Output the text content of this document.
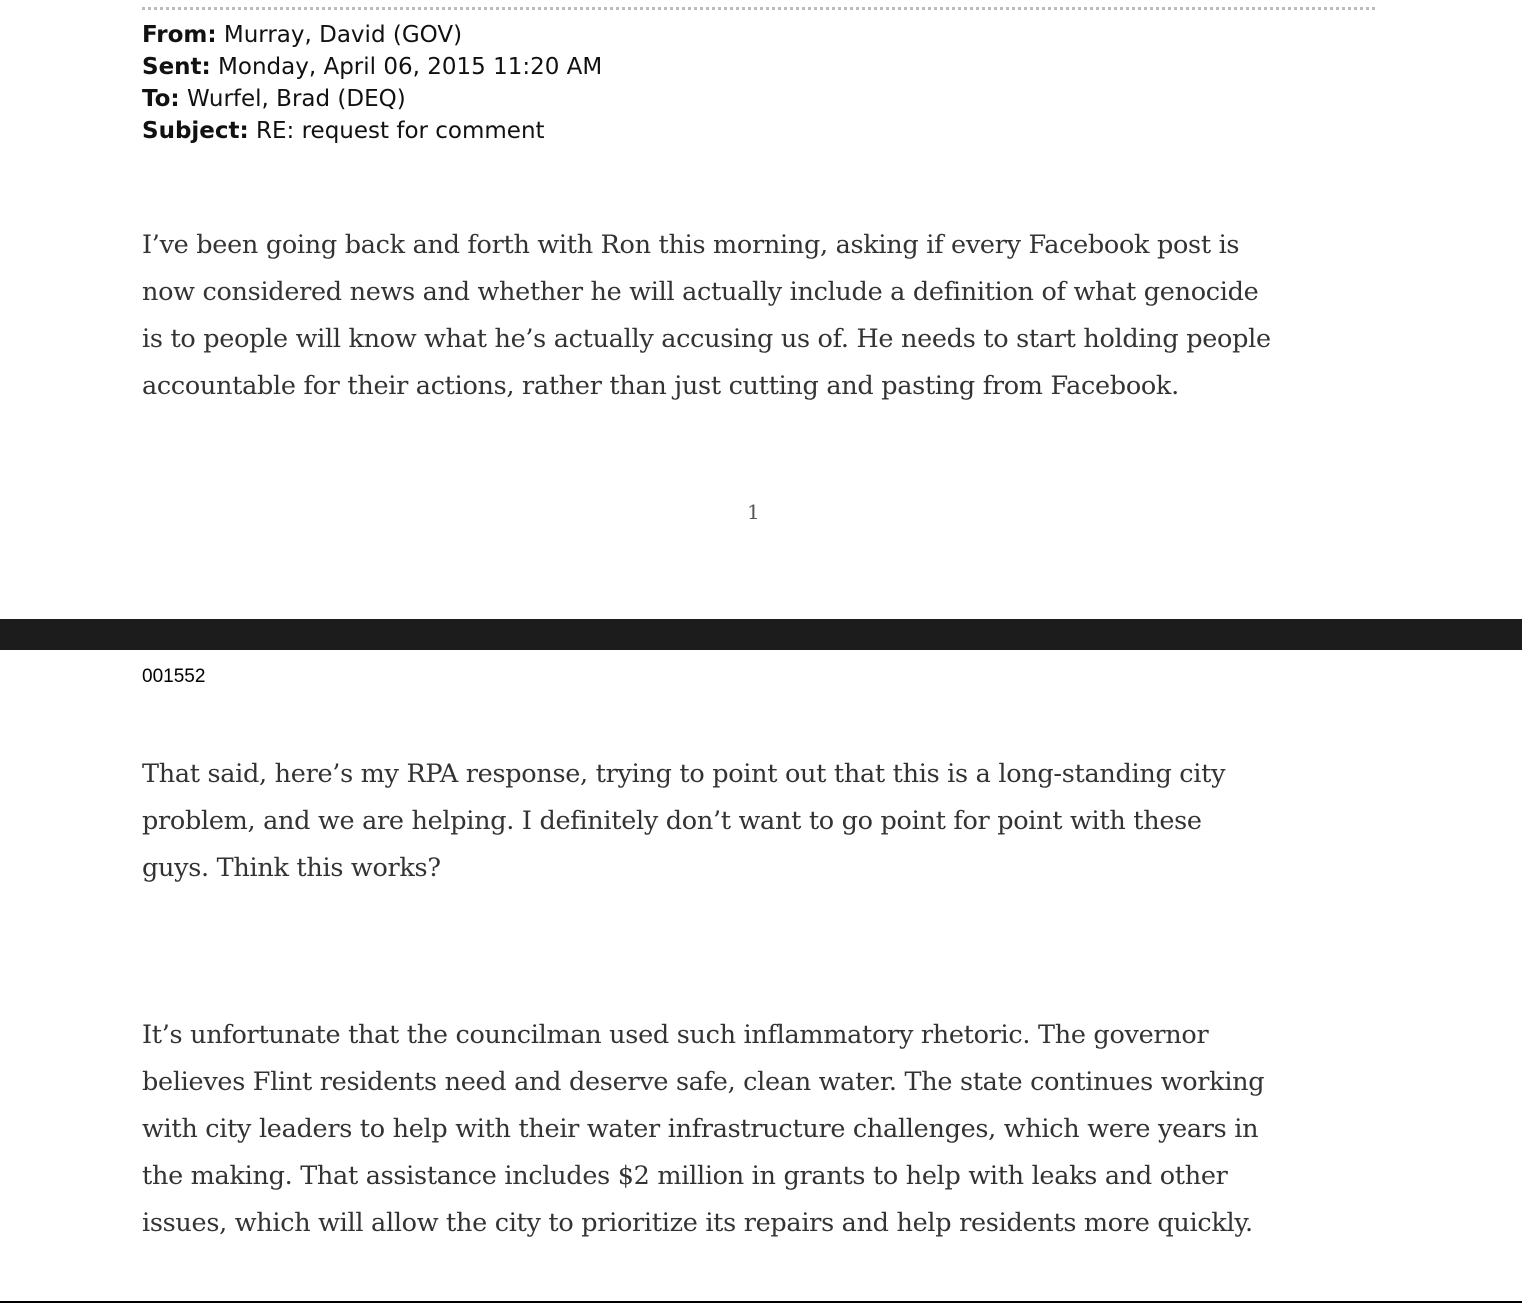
From: Murray, David (GOV)
Sent: Monday, April 06, 2015 11:20 AM
To: Wurfel, Brad (DEQ)
Subject: RE: request for comment
I’ve been going back and forth with Ron this morning, asking if every Facebook post is
now considered news and whether he will actually include a definition of what genocide
is to people will know what he’s actually accusing us of. He needs to start holding people
accountable for their actions, rather than just cutting and pasting from Facebook.
1
001552
That said, here’s my RPA response, trying to point out that this is a long-standing city
problem, and we are helping. I definitely don’t want to go point for point with these
guys. Think this works?
It’s unfortunate that the councilman used such inflammatory rhetoric. The governor
believes Flint residents need and deserve safe, clean water. The state continues working
with city leaders to help with their water infrastructure challenges, which were years in
the making. That assistance includes $2 million in grants to help with leaks and other
issues, which will allow the city to prioritize its repairs and help residents more quickly.
